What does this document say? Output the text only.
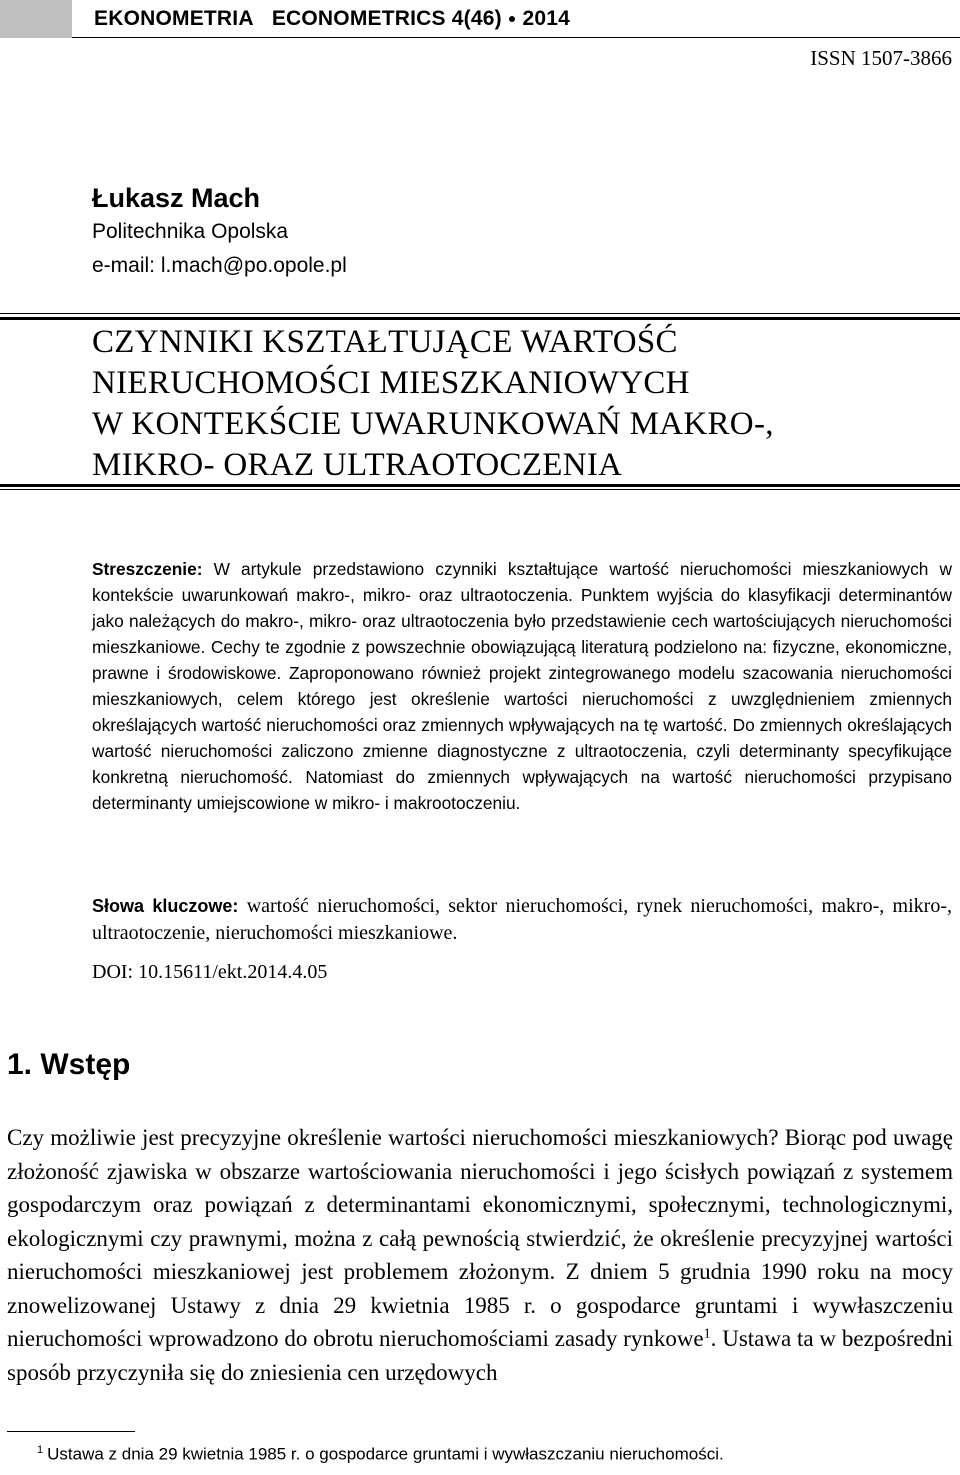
EKONOMETRIA ECONOMETRICS 4(46) ● 2014
ISSN 1507-3866
Łukasz Mach
Politechnika Opolska
e-mail: l.mach@po.opole.pl
CZYNNIKI KSZTAŁTUJĄCE WARTOŚĆ
NIERUCHOMOŚCI MIESZKANIOWYCH
W KONTEKŚCIE UWARUNKOWAŃ MAKRO-,
MIKRO- ORAZ ULTRAOTOCZENIA
Streszczenie: W artykule przedstawiono czynniki kształtujące wartość nieruchomości mieszkaniowych w kontekście uwarunkowań makro-, mikro- oraz ultraotoczenia. Punktem wyjścia do klasyfikacji determinantów jako należących do makro-, mikro- oraz ultraotoczenia było przedstawienie cech wartościujących nieruchomości mieszkaniowe. Cechy te zgodnie z powszechnie obowiązującą literaturą podzielono na: fizyczne, ekonomiczne, prawne i środowiskowe. Zaproponowano również projekt zintegrowanego modelu szacowania nieruchomości mieszkaniowych, celem którego jest określenie wartości nieruchomości z uwzględnieniem zmiennych określających wartość nieruchomości oraz zmiennych wpływających na tę wartość. Do zmiennych określających wartość nieruchomości zaliczono zmienne diagnostyczne z ultraotoczenia, czyli determinanty specyfikujące konkretną nieruchomość. Natomiast do zmiennych wpływających na wartość nieruchomości przypisano determinanty umiejscowione w mikro- i makrootoczeniu.
Słowa kluczowe: wartość nieruchomości, sektor nieruchomości, rynek nieruchomości, makro-, mikro-, ultraotoczenie, nieruchomości mieszkaniowe.
DOI: 10.15611/ekt.2014.4.05
1. Wstęp
Czy możliwie jest precyzyjne określenie wartości nieruchomości mieszkaniowych? Biorąc pod uwagę złożoność zjawiska w obszarze wartościowania nieruchomości i jego ścisłych powiązań z systemem gospodarczym oraz powiązań z determinantami ekonomicznymi, społecznymi, technologicznymi, ekologicznymi czy prawnymi, można z całą pewnością stwierdzić, że określenie precyzyjnej wartości nieruchomości mieszkaniowej jest problemem złożonym. Z dniem 5 grudnia 1990 roku na mocy znowelizowanej Ustawy z dnia 29 kwietnia 1985 r. o gospodarce gruntami i wywłaszczeniu nieruchomości wprowadzono do obrotu nieruchomościami zasady rynkowe$^1$. Ustawa ta w bezpośredni sposób przyczyniła się do zniesienia cen urzędowych
$^1$ Ustawa z dnia 29 kwietnia 1985 r. o gospodarce gruntami i wywłaszczaniu nieruchomości.
